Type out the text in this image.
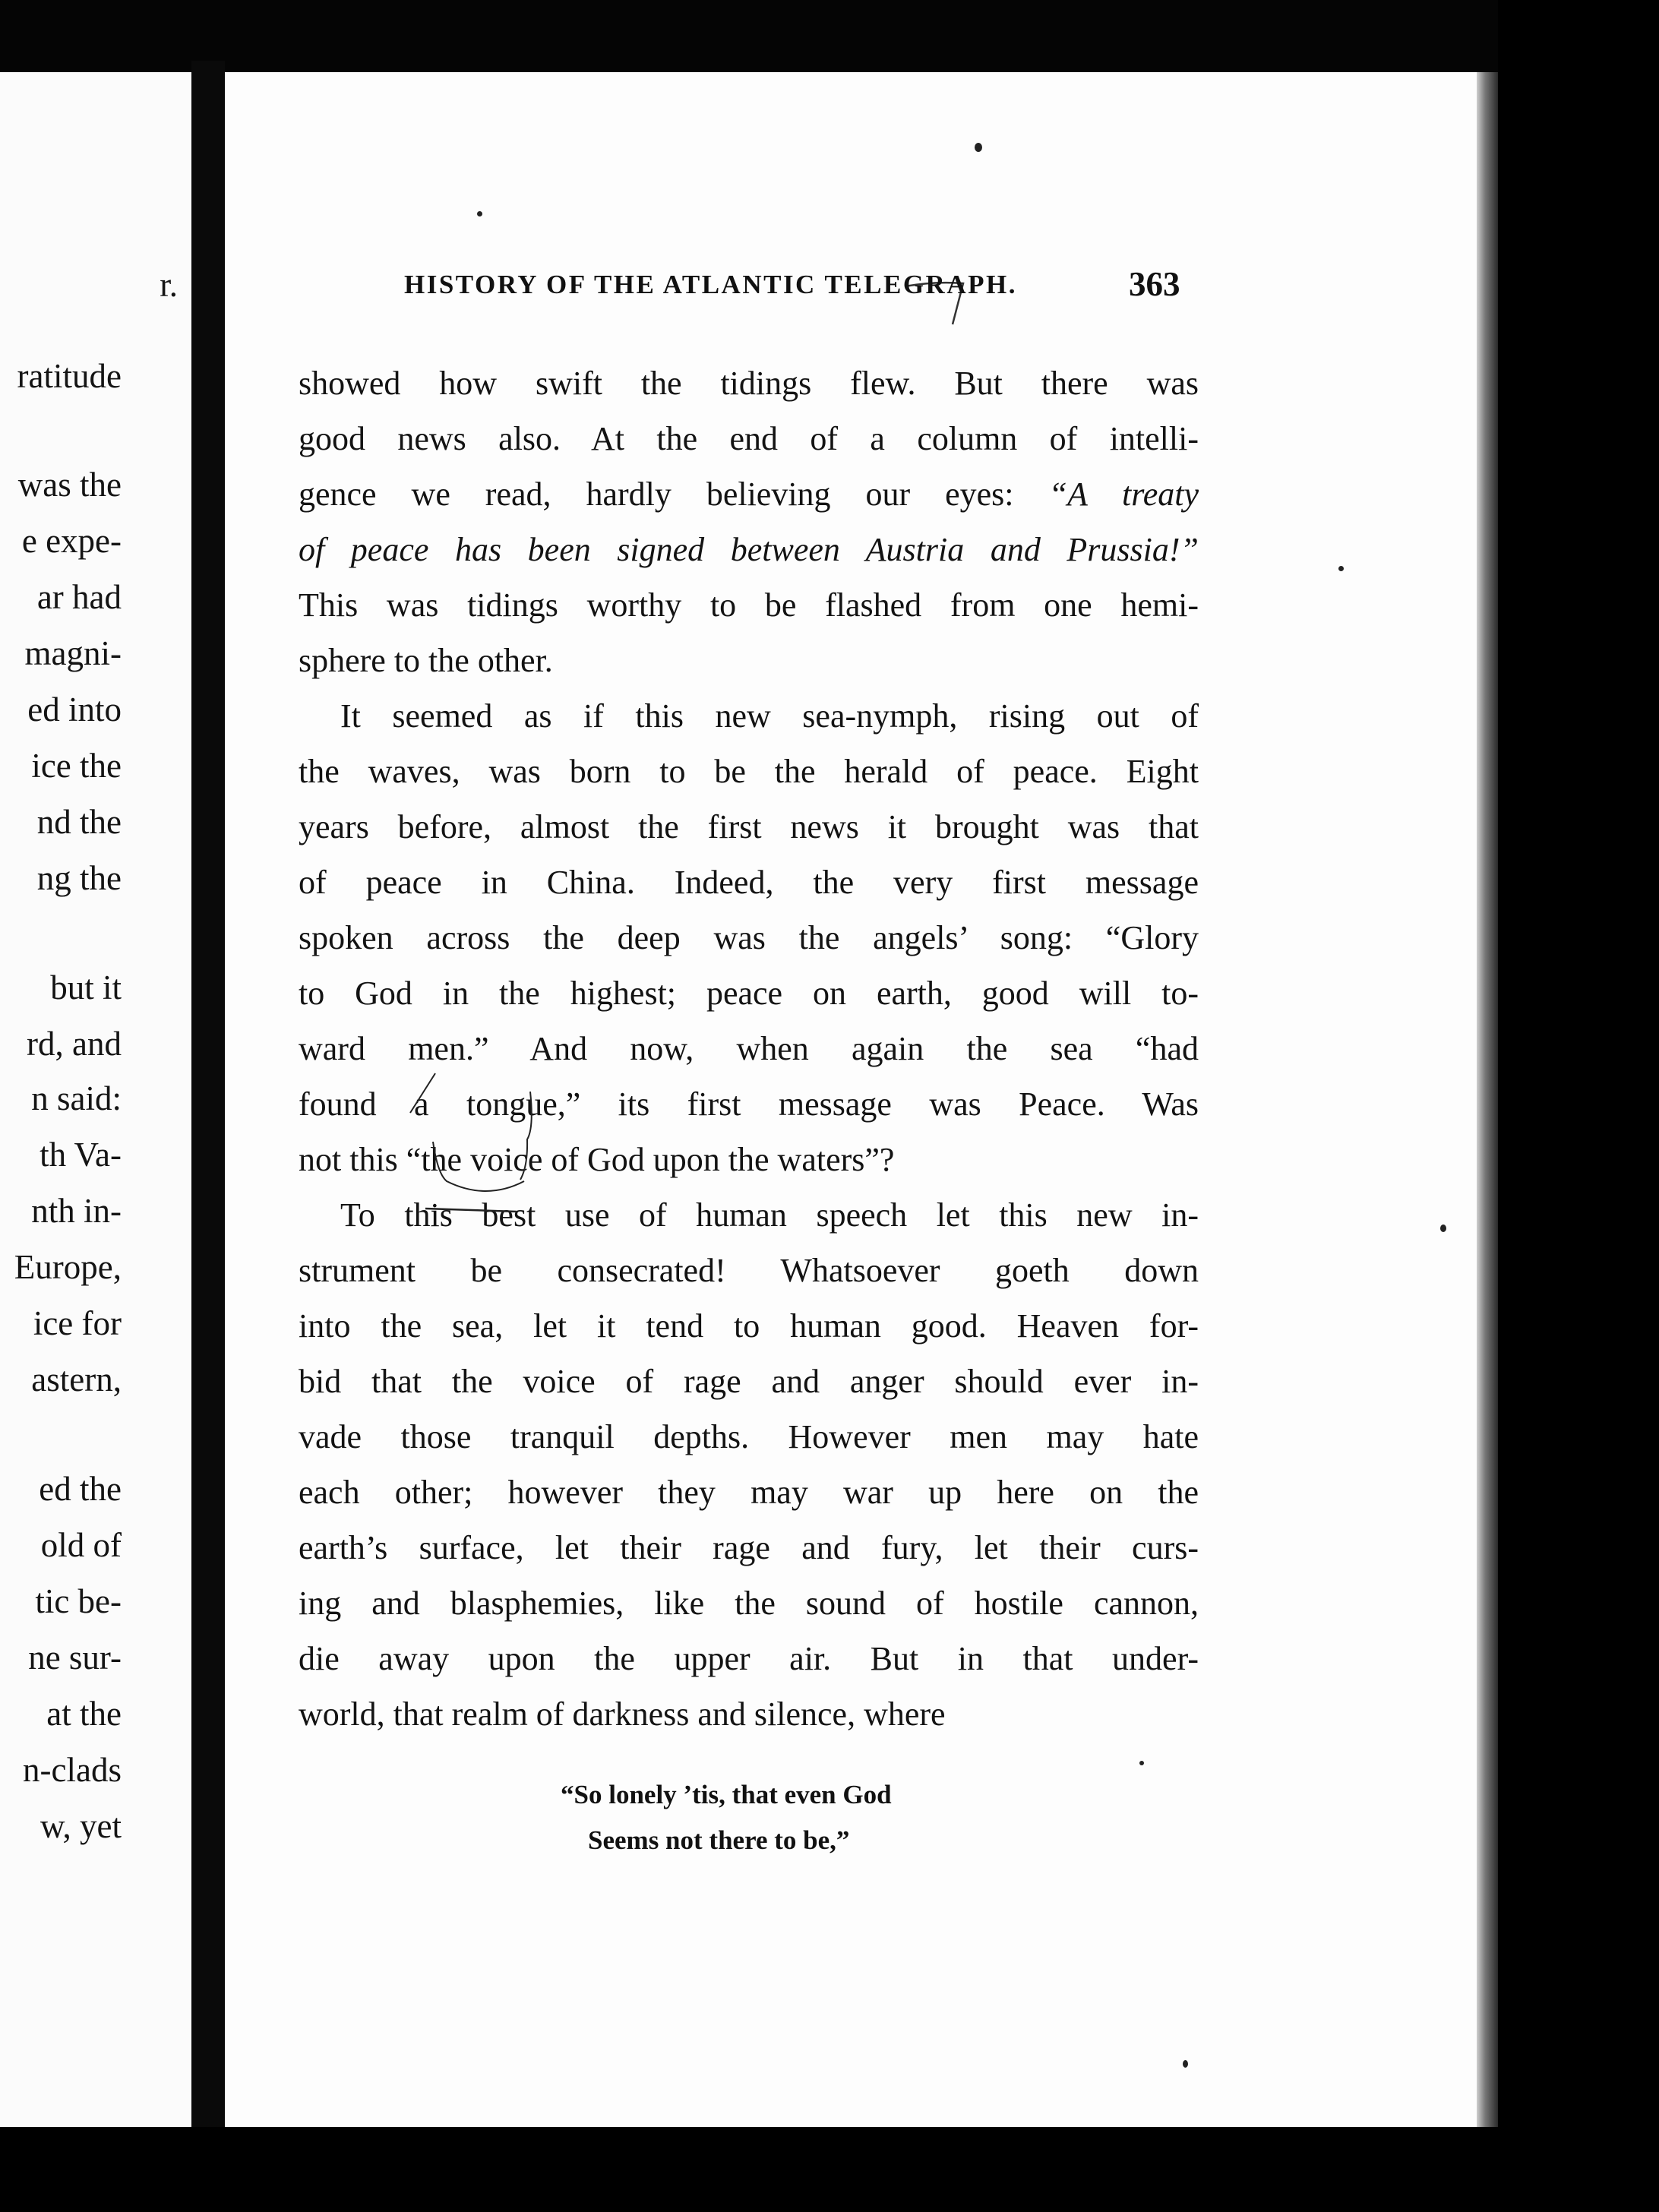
r.
ratitude
was the
e expe-
ar had
magni-
ed into
ice the
nd the
ng the
but it
rd, and
n said:
th Va-
nth in-
Europe,
ice for
astern,
ed the
old of
tic be-
ne sur-
at the
n-clads
w, yet
HISTORY OF THE ATLANTIC TELEGRAPH.	363
showed how swift the tidings flew. But there was
good news also. At the end of a column of intelli-
gence we read, hardly believing our eyes: “A treaty
of peace has been signed between Austria and Prussia!”
This was tidings worthy to be flashed from one hemi-
sphere to the other.
It seemed as if this new sea-nymph, rising out of
the waves, was born to be the herald of peace. Eight
years before, almost the first news it brought was that
of peace in China. Indeed, the very first message
spoken across the deep was the angels’ song: “Glory
to God in the highest; peace on earth, good will to-
ward men.” And now, when again the sea “had
found a tongue,” its first message was Peace. Was
not this “the voice of God upon the waters”?
To this best use of human speech let this new in-
strument be consecrated! Whatsoever goeth down
into the sea, let it tend to human good. Heaven for-
bid that the voice of rage and anger should ever in-
vade those tranquil depths. However men may hate
each other; however they may war up here on the
earth’s surface, let their rage and fury, let their curs-
ing and blasphemies, like the sound of hostile cannon,
die away upon the upper air. But in that under-
world, that realm of darkness and silence, where
“So lonely ’tis, that even God
Seems not there to be,”
